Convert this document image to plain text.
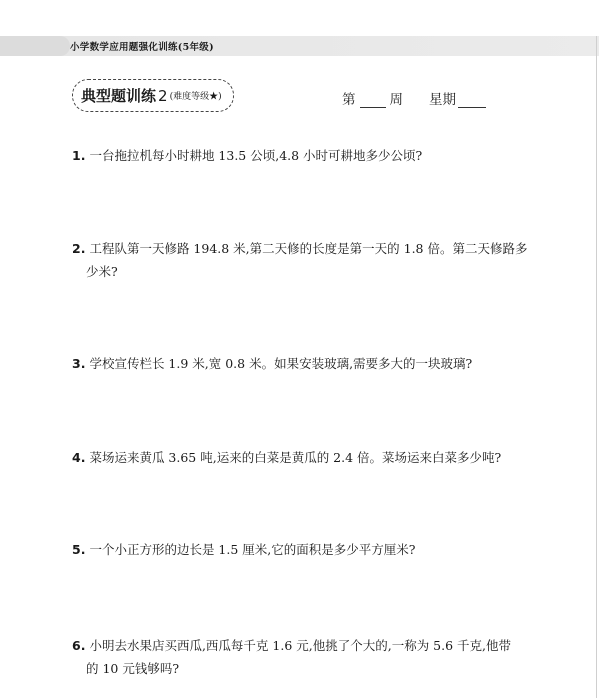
小学数学应用题强化训练(5年级)
典型题训练 2 (难度等级★)	第	周 星期
1. 一台拖拉机每小时耕地 13.5 公顷,4.8 小时可耕地多少公顷?
2. 工程队第一天修路 194.8 米,第二天修的长度是第一天的 1.8 倍。第二天修路多
少米?
3. 学校宣传栏长 1.9 米,宽 0.8 米。如果安装玻璃,需要多大的一块玻璃?
4. 菜场运来黄瓜 3.65 吨,运来的白菜是黄瓜的 2.4 倍。菜场运来白菜多少吨?
5. 一个小正方形的边长是 1.5 厘米,它的面积是多少平方厘米?
6. 小明去水果店买西瓜,西瓜每千克 1.6 元,他挑了个大的,一称为 5.6 千克,他带
的 10 元钱够吗?
